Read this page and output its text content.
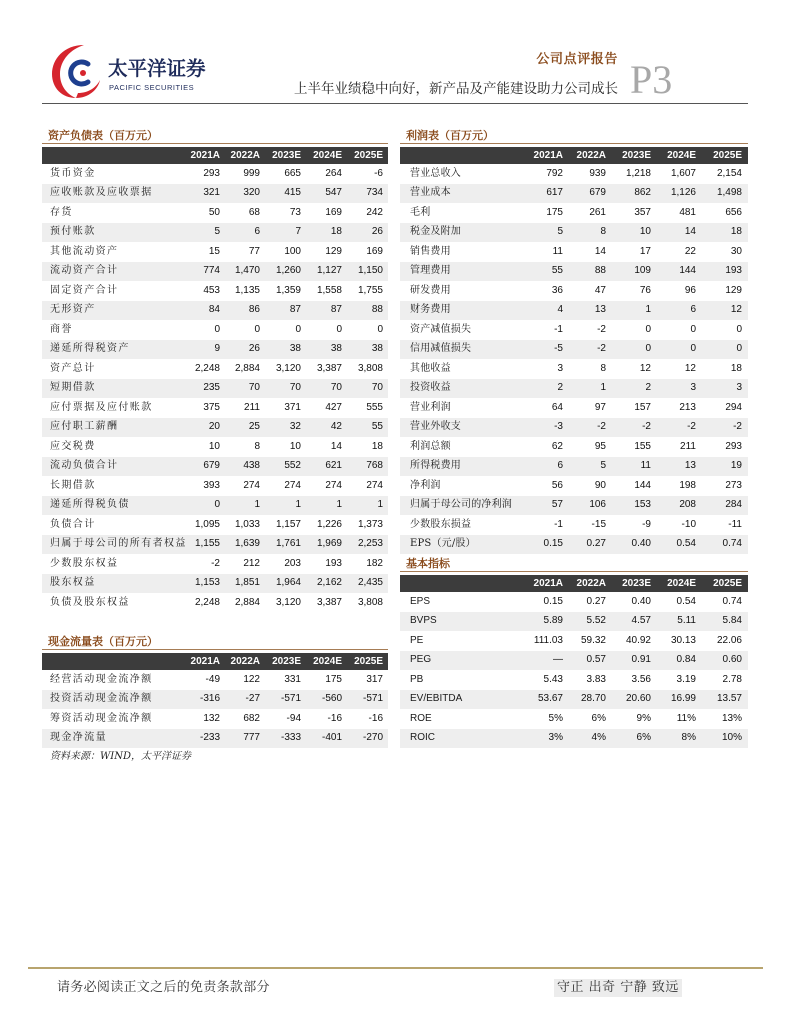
太平洋证券
PACIFIC SECURITIES
公司点评报告 P3
上半年业绩稳中向好，新产品及产能建设助力公司成长
资产负债表（百万元）
2021A	2022A	2023E	2024E	2025E
货币资金	293	999	665	264	-6
应收账款及应收票据	321	320	415	547	734
存货	50	68	73	169	242
预付账款	5	6	7	18	26
其他流动资产	15	77	100	129	169
流动资产合计	774	1,470	1,260	1,127	1,150
固定资产合计	453	1,135	1,359	1,558	1,755
无形资产	84	86	87	87	88
商誉	0	0	0	0	0
递延所得税资产	9	26	38	38	38
资产总计	2,248	2,884	3,120	3,387	3,808
短期借款	235	70	70	70	70
应付票据及应付账款	375	211	371	427	555
应付职工薪酬	20	25	32	42	55
应交税费	10	8	10	14	18
流动负债合计	679	438	552	621	768
长期借款	393	274	274	274	274
递延所得税负债	0	1	1	1	1
负债合计	1,095	1,033	1,157	1,226	1,373
归属于母公司的所有者权益 1,155	1,639	1,761	1,969	2,253
少数股东权益	-2	212	203	193	182
股东权益	1,153	1,851	1,964	2,162	2,435
负债及股东权益	2,248	2,884	3,120	3,387	3,808
利润表（百万元）
2021A	2022A	2023E	2024E	2025E
营业总收入	792	939	1,218	1,607	2,154
营业成本	617	679	862	1,126	1,498
毛利	175	261	357	481	656
税金及附加	5	8	10	14	18
销售费用	11	14	17	22	30
管理费用	55	88	109	144	193
研发费用	36	47	76	96	129
财务费用	4	13	1	6	12
资产减值损失	-1	-2	0	0	0
信用减值损失	-5	-2	0	0	0
其他收益	3	8	12	12	18
投资收益	2	1	2	3	3
营业利润	64	97	157	213	294
营业外收支	-3	-2	-2	-2	-2
利润总额	62	95	155	211	293
所得税费用	6	5	11	13	19
净利润	56	90	144	198	273
归属于母公司的净利润	57	106	153	208	284
少数股东损益	-1	-15	-9	-10	-11
EPS（元/股）	0.15	0.27	0.40	0.54	0.74
基本指标
2021A	2022A	2023E	2024E	2025E
EPS	0.15	0.27	0.40	0.54	0.74
BVPS	5.89	5.52	4.57	5.11	5.84
PE	111.03	59.32	40.92	30.13	22.06
PEG	—	0.57	0.91	0.84	0.60
PB	5.43	3.83	3.56	3.19	2.78
EV/EBITDA	53.67	28.70	20.60	16.99	13.57
ROE	5%	6%	9%	11%	13%
ROIC	3%	4%	6%	8%	10%
现金流量表（百万元）
2021A	2022A	2023E	2024E	2025E
经营活动现金流净额	-49	122	331	175	317
投资活动现金流净额	-316	-27	-571	-560	-571
筹资活动现金流净额	132	682	-94	-16	-16
现金净流量	-233	777	-333	-401	-270
资料来源：WIND，太平洋证券
请务必阅读正文之后的免责条款部分	守正 出奇 宁静 致远
